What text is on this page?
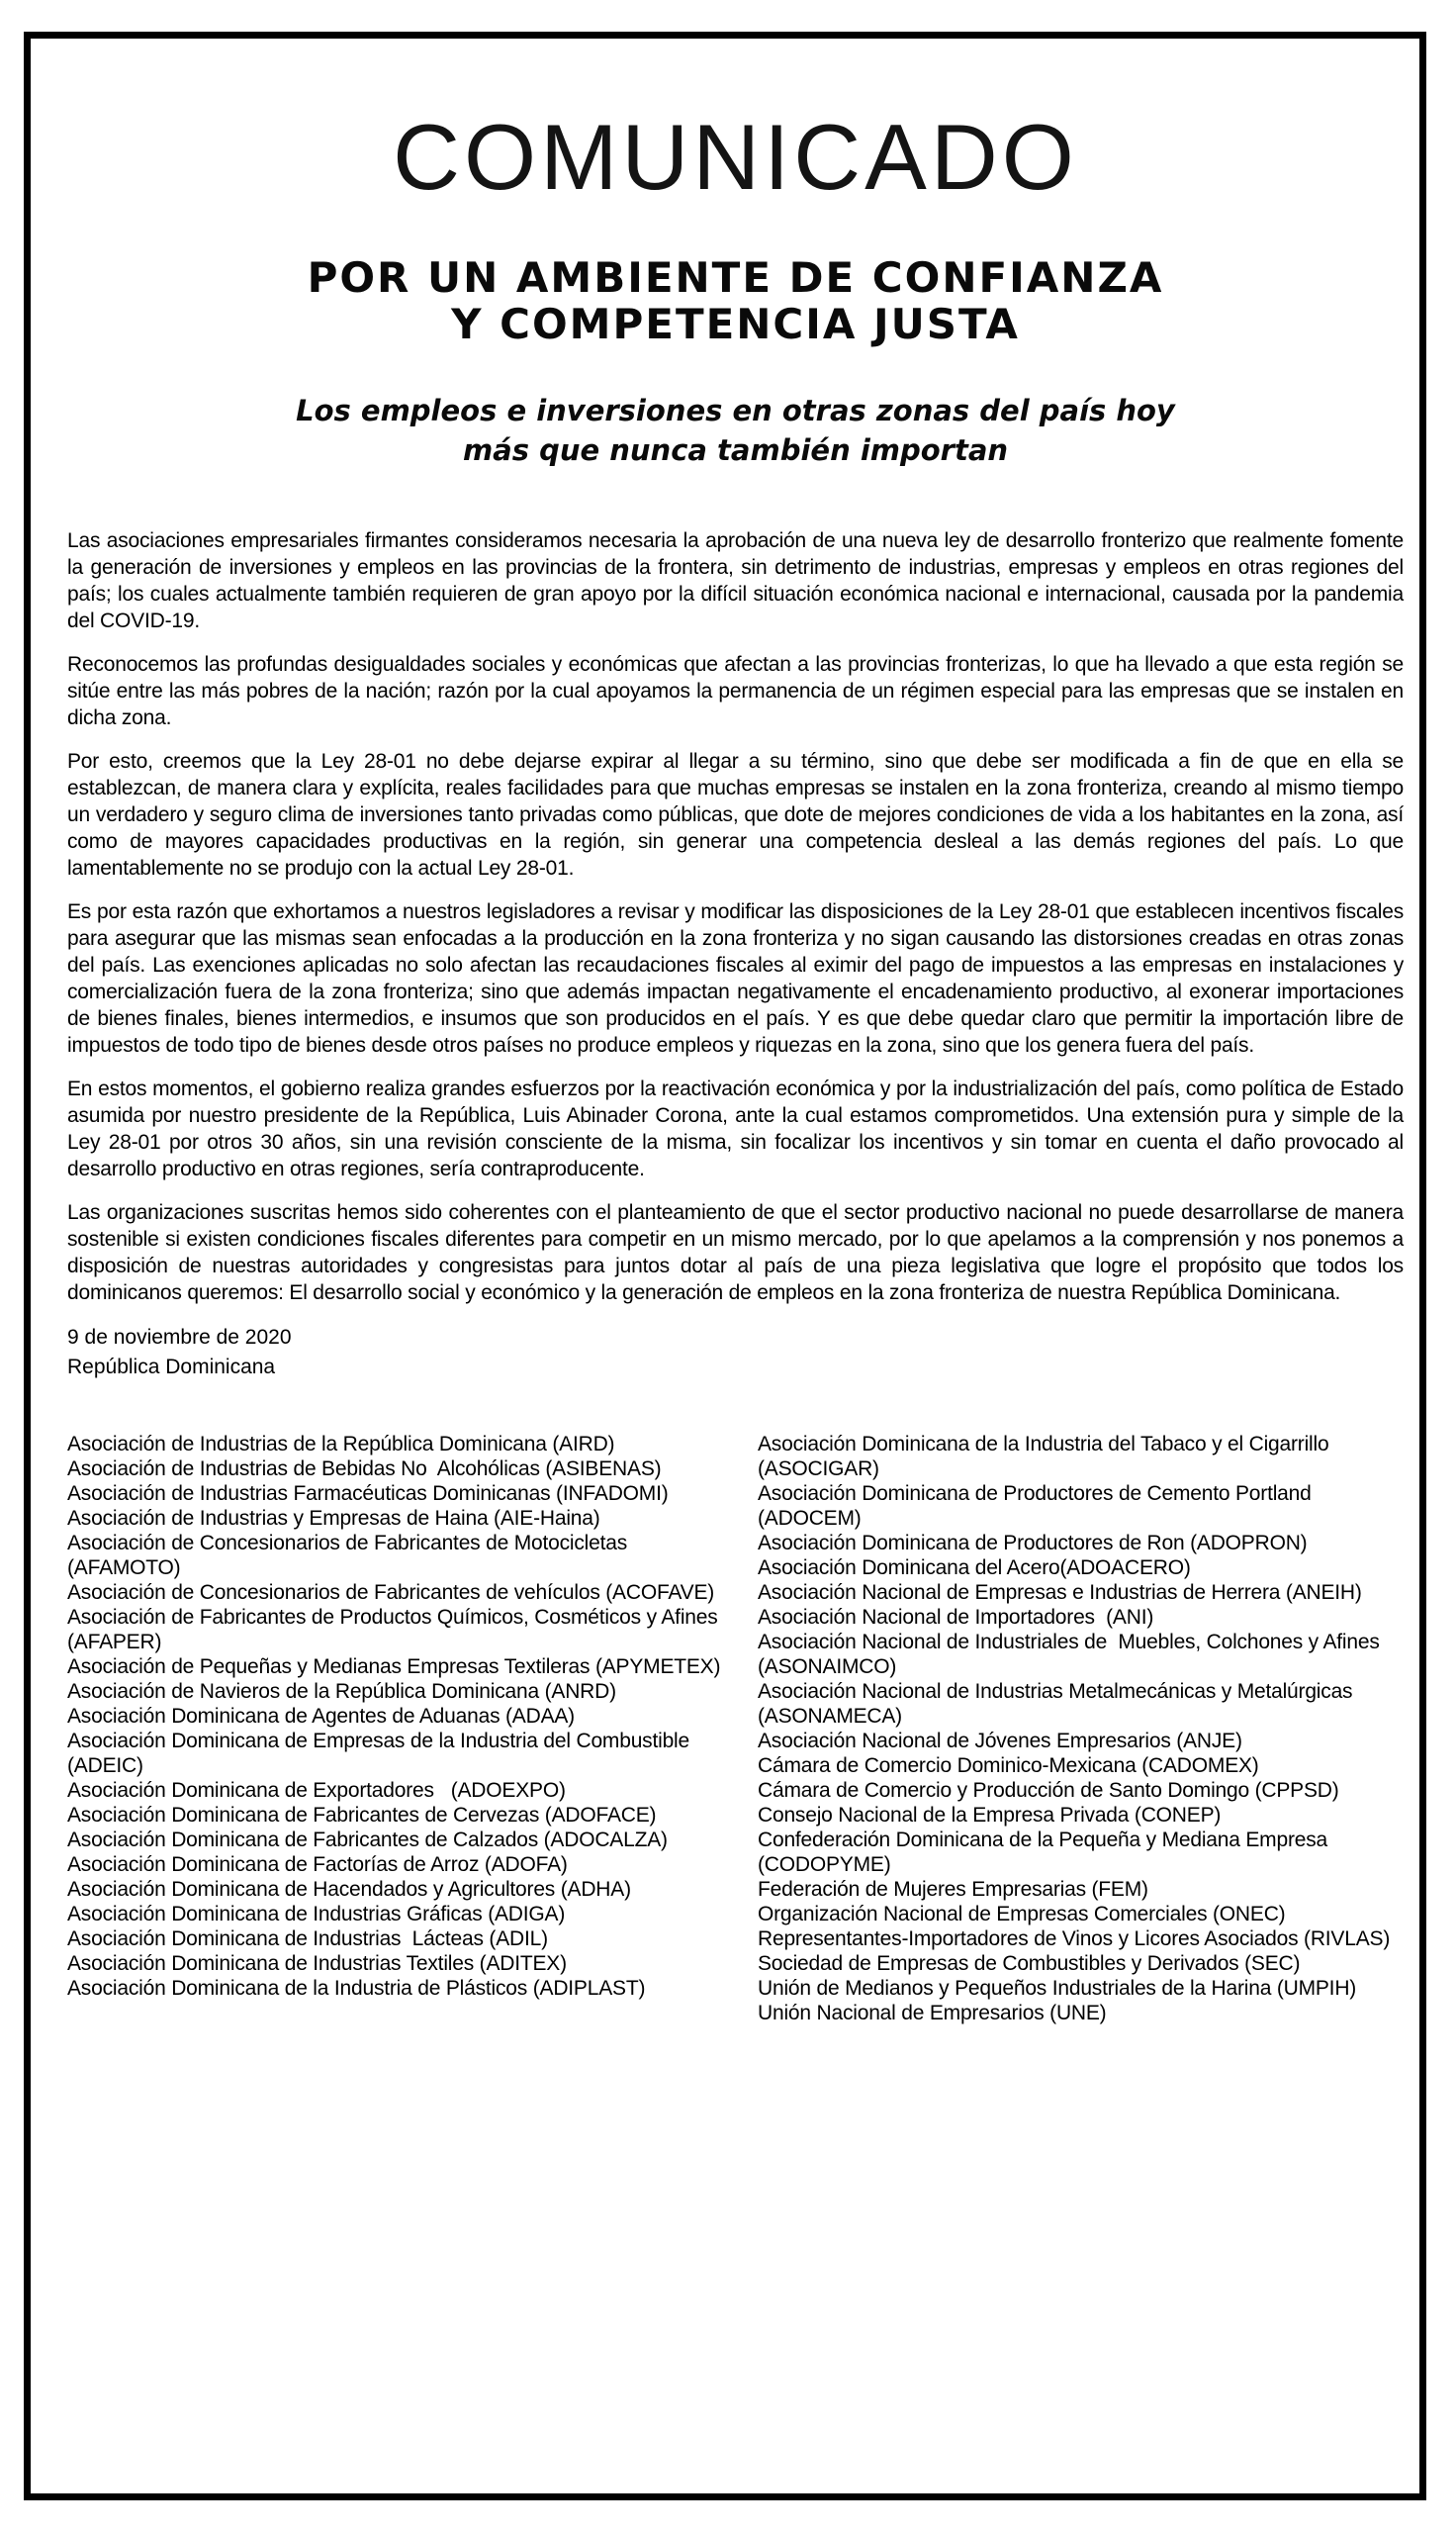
COMUNICADO
POR UN AMBIENTE DE CONFIANZA
Y COMPETENCIA JUSTA
Los empleos e inversiones en otras zonas del país hoy
más que nunca también importan

Las asociaciones empresariales firmantes consideramos necesaria la aprobación de una nueva ley de desarrollo fronterizo que realmente fomente la generación de inversiones y empleos en las provincias de la frontera, sin detrimento de industrias, empresas y empleos en otras regiones del país; los cuales actualmente también requieren de gran apoyo por la difícil situación económica nacional e internacional, causada por la pandemia del COVID-19.

Reconocemos las profundas desigualdades sociales y económicas que afectan a las provincias fronterizas, lo que ha llevado a que esta región se sitúe entre las más pobres de la nación; razón por la cual apoyamos la permanencia de un régimen especial para las empresas que se instalen en dicha zona.

Por esto, creemos que la Ley 28-01 no debe dejarse expirar al llegar a su término, sino que debe ser modificada a fin de que en ella se establezcan, de manera clara y explícita, reales facilidades para que muchas empresas se instalen en la zona fronteriza, creando al mismo tiempo un verdadero y seguro clima de inversiones tanto privadas como públicas, que dote de mejores condiciones de vida a los habitantes en la zona, así como de mayores capacidades productivas en la región, sin generar una competencia desleal a las demás regiones del país. Lo que lamentablemente no se produjo con la actual Ley 28-01.

Es por esta razón que exhortamos a nuestros legisladores a revisar y modificar las disposiciones de la Ley 28-01 que establecen incentivos fiscales para asegurar que las mismas sean enfocadas a la producción en la zona fronteriza y no sigan causando las distorsiones creadas en otras zonas del país. Las exenciones aplicadas no solo afectan las recaudaciones fiscales al eximir del pago de impuestos a las empresas en instalaciones y comercialización fuera de la zona fronteriza; sino que además impactan negativamente el encadenamiento productivo, al exonerar importaciones de bienes finales, bienes intermedios, e insumos que son producidos en el país. Y es que debe quedar claro que permitir la importación libre de impuestos de todo tipo de bienes desde otros países no produce empleos y riquezas en la zona, sino que los genera fuera del país.

En estos momentos, el gobierno realiza grandes esfuerzos por la reactivación económica y por la industrialización del país, como política de Estado asumida por nuestro presidente de la República, Luis Abinader Corona, ante la cual estamos comprometidos. Una extensión pura y simple de la Ley 28-01 por otros 30 años, sin una revisión consciente de la misma, sin focalizar los incentivos y sin tomar en cuenta el daño provocado al desarrollo productivo en otras regiones, sería contraproducente.

Las organizaciones suscritas hemos sido coherentes con el planteamiento de que el sector productivo nacional no puede desarrollarse de manera sostenible si existen condiciones fiscales diferentes para competir en un mismo mercado, por lo que apelamos a la comprensión y nos ponemos a disposición de nuestras autoridades y congresistas para juntos dotar al país de una pieza legislativa que logre el propósito que todos los dominicanos queremos: El desarrollo social y económico y la generación de empleos en la zona fronteriza de nuestra República Dominicana.

9 de noviembre de 2020
República Dominicana
Asociación de Industrias de la República Dominicana (AIRD)
Asociación de Industrias de Bebidas No  Alcohólicas (ASIBENAS)
Asociación de Industrias Farmacéuticas Dominicanas (INFADOMI)
Asociación de Industrias y Empresas de Haina (AIE-Haina)
Asociación de Concesionarios de Fabricantes de Motocicletas (AFAMOTO)
Asociación de Concesionarios de Fabricantes de vehículos (ACOFAVE)
Asociación de Fabricantes de Productos Químicos, Cosméticos y Afines (AFAPER)
Asociación de Pequeñas y Medianas Empresas Textileras (APYMETEX)
Asociación de Navieros de la República Dominicana (ANRD)
Asociación Dominicana de Agentes de Aduanas (ADAA)
Asociación Dominicana de Empresas de la Industria del Combustible (ADEIC)
Asociación Dominicana de Exportadores   (ADOEXPO)
Asociación Dominicana de Fabricantes de Cervezas (ADOFACE)
Asociación Dominicana de Fabricantes de Calzados (ADOCALZA)
Asociación Dominicana de Factorías de Arroz (ADOFA)
Asociación Dominicana de Hacendados y Agricultores (ADHA)
Asociación Dominicana de Industrias Gráficas (ADIGA)
Asociación Dominicana de Industrias  Lácteas (ADIL)
Asociación Dominicana de Industrias Textiles (ADITEX)
Asociación Dominicana de la Industria de Plásticos (ADIPLAST)
Asociación Dominicana de la Industria del Tabaco y el Cigarrillo (ASOCIGAR)
Asociación Dominicana de Productores de Cemento Portland (ADOCEM)
Asociación Dominicana de Productores de Ron (ADOPRON)
Asociación Dominicana del Acero(ADOACERO)
Asociación Nacional de Empresas e Industrias de Herrera (ANEIH)
Asociación Nacional de Importadores  (ANI)
Asociación Nacional de Industriales de  Muebles, Colchones y Afines (ASONAIMCO)
Asociación Nacional de Industrias Metalmecánicas y Metalúrgicas (ASONAMECA)
Asociación Nacional de Jóvenes Empresarios (ANJE)
Cámara de Comercio Dominico-Mexicana (CADOMEX)
Cámara de Comercio y Producción de Santo Domingo (CPPSD)
Consejo Nacional de la Empresa Privada (CONEP)
Confederación Dominicana de la Pequeña y Mediana Empresa (CODOPYME)
Federación de Mujeres Empresarias (FEM)
Organización Nacional de Empresas Comerciales (ONEC)
Representantes-Importadores de Vinos y Licores Asociados (RIVLAS)
Sociedad de Empresas de Combustibles y Derivados (SEC)
Unión de Medianos y Pequeños Industriales de la Harina (UMPIH)
Unión Nacional de Empresarios (UNE)
